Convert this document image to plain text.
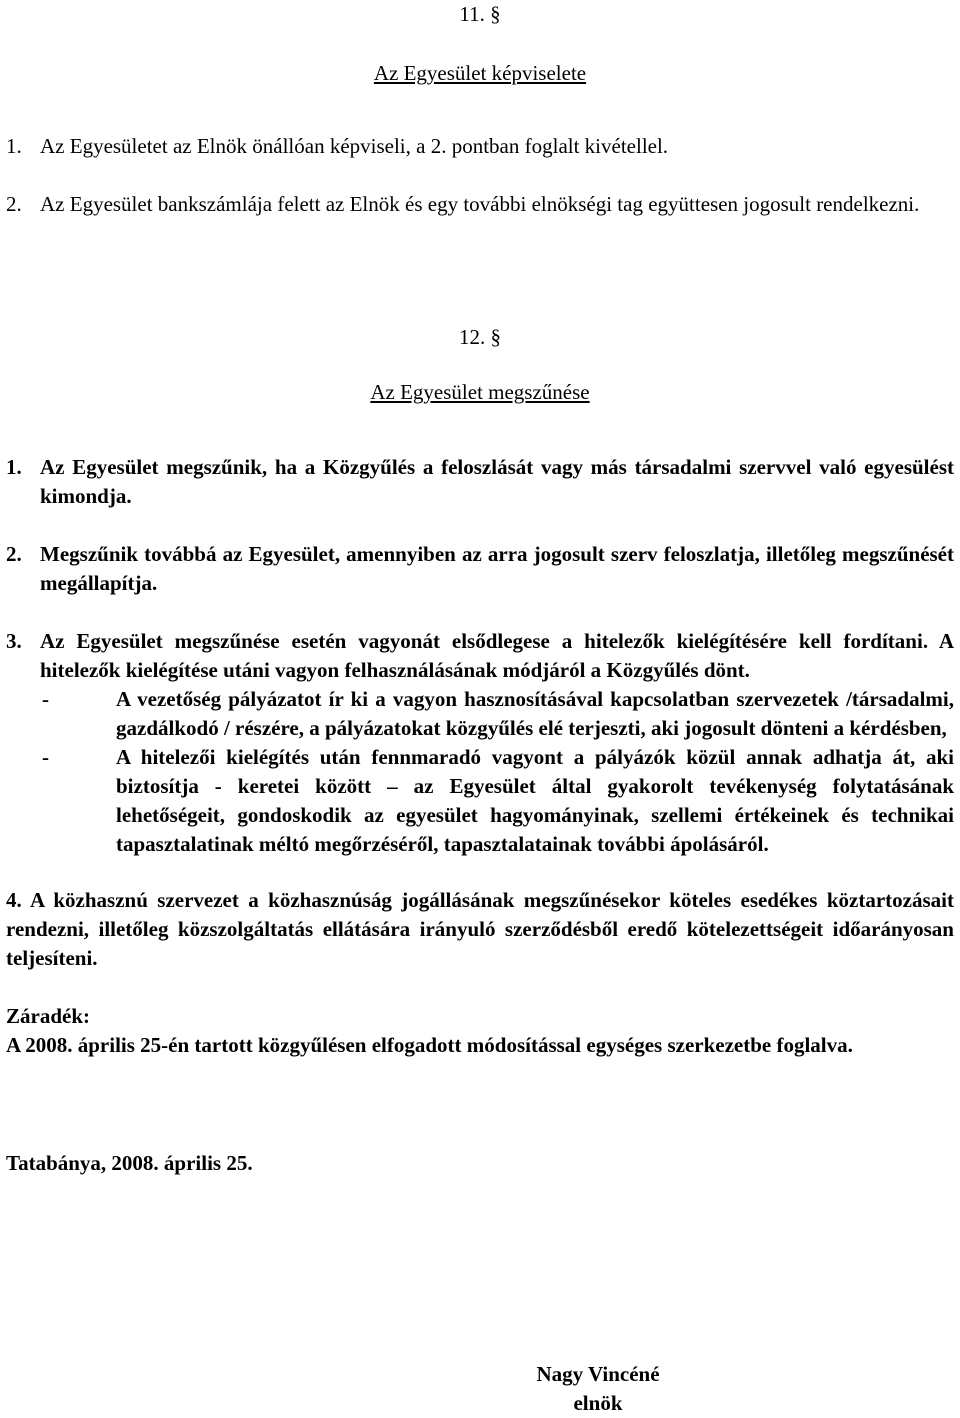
11. §
Az Egyesület képviselete
1. Az Egyesületet az Elnök önállóan képviseli, a 2. pontban foglalt kivétellel.
2. Az Egyesület bankszámlája felett az Elnök és egy további elnökségi tag együttesen jogosult rendelkezni.
12. §
Az Egyesület megszűnése
1. Az Egyesület megszűnik, ha a Közgyűlés a feloszlását vagy más társadalmi szervvel való egyesülést kimondja.
2. Megszűnik továbbá az Egyesület, amennyiben az arra jogosult szerv feloszlatja, illetőleg megszűnését megállapítja.
3. Az Egyesület megszűnése esetén vagyonát elsődlegese a hitelezők kielégítésére kell fordítani. A hitelezők kielégítése utáni vagyon felhasználásának módjáról a Közgyűlés dönt.
-	A vezetőség pályázatot ír ki a vagyon hasznosításával kapcsolatban szervezetek /társadalmi, gazdálkodó / részére, a pályázatokat közgyűlés elé terjeszti, aki jogosult dönteni a kérdésben,
-	A hitelezői kielégítés után fennmaradó vagyont a pályázók közül annak adhatja át, aki biztosítja - keretei között – az Egyesület által gyakorolt tevékenység folytatásának lehetőségeit, gondoskodik az egyesület hagyományinak, szellemi értékeinek és technikai tapasztalatinak méltó megőrzéséről, tapasztalatainak további ápolásáról.
4. A közhasznú szervezet a közhasznúság jogállásának megszűnésekor köteles esedékes köztartozásait rendezni, illetőleg közszolgáltatás ellátására irányuló szerződésből eredő kötelezettségeit időarányosan teljesíteni.
Záradék:
A 2008. április 25-én tartott közgyűlésen elfogadott módosítással egységes szerkezetbe foglalva.
Tatabánya, 2008. április 25.
Nagy Vincéné
elnök
